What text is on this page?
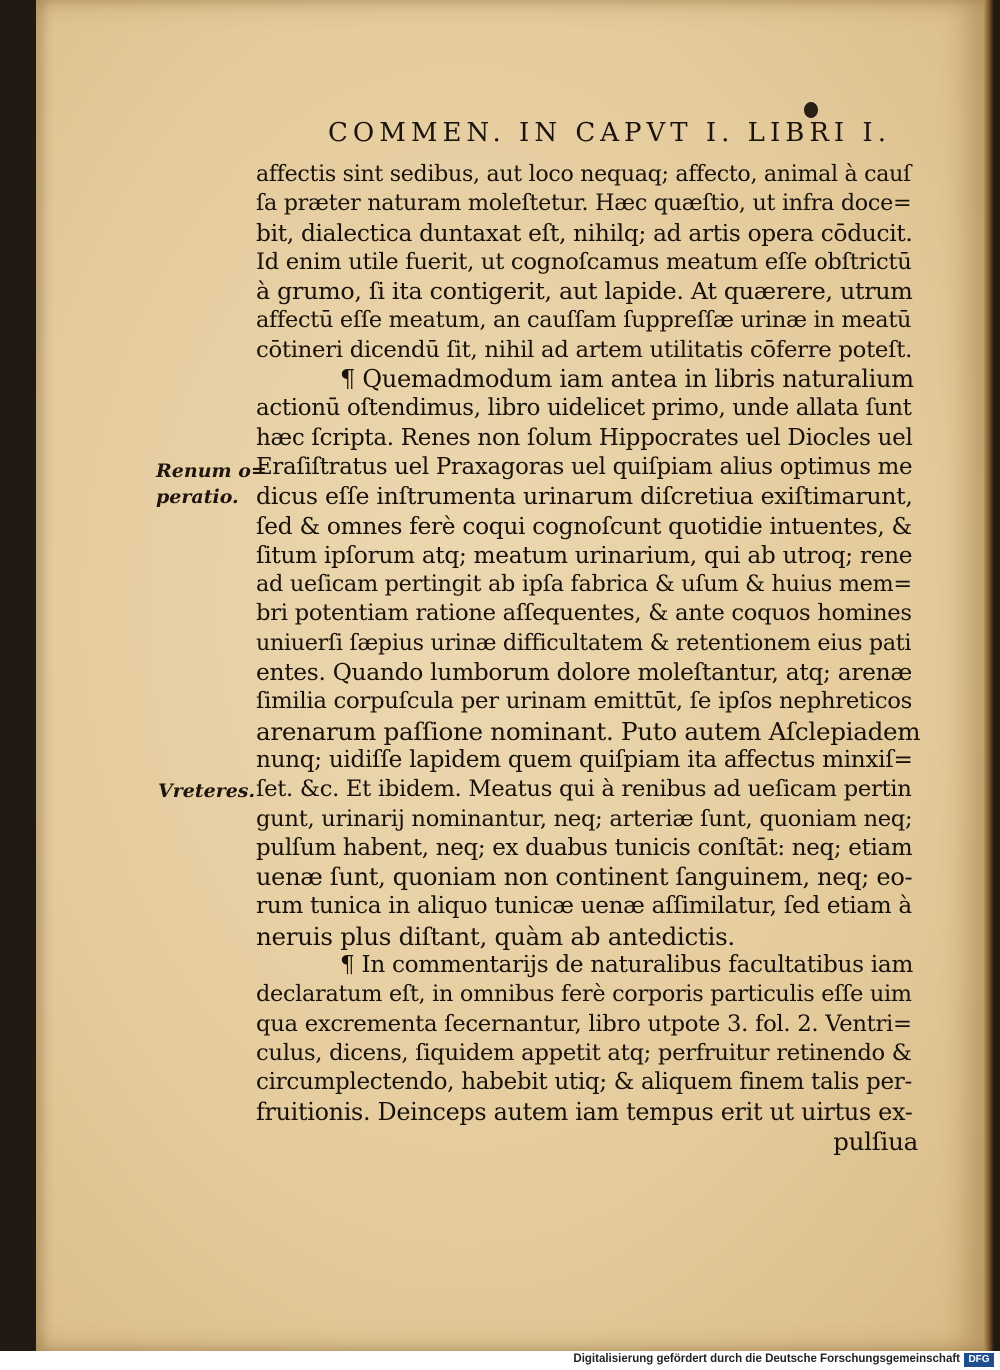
COMMEN. IN CAPVT I. LIBRI I.
affectis sint sedibus, aut loco nequaq; affecto, animal à cauſ
ſa præter naturam moleſtetur. Hæc quæſtio, ut infra doce=
bit, dialectica duntaxat eſt, nihilq; ad artis opera cōducit.
Id enim utile fuerit, ut cognoſcamus meatum eſſe obſtrictū
à grumo, ſi ita contigerit, aut lapide. At quærere, utrum
affectū eſſe meatum, an cauſſam ſuppreſſæ urinæ in meatū
cōtineri dicendū ſit, nihil ad artem utilitatis cōferre poteſt.
¶ Quemadmodum iam antea in libris naturalium
actionū oſtendimus, libro uidelicet primo, unde allata ſunt
hæc ſcripta. Renes non ſolum Hippocrates uel Diocles uel
Eraſiſtratus uel Praxagoras uel quiſpiam alius optimus me
dicus eſſe inſtrumenta urinarum diſcretiua exiſtimarunt,
ſed & omnes ferè coqui cognoſcunt quotidie intuentes, &
ſitum ipſorum atq; meatum urinarium, qui ab utroq; rene
ad ueſicam pertingit ab ipſa fabrica & uſum & huius mem=
bri potentiam ratione aſſequentes, & ante coquos homines
uniuerſi ſæpius urinæ difficultatem & retentionem eius pati
entes. Quando lumborum dolore moleſtantur, atq; arenæ
ſimilia corpuſcula per urinam emittūt, ſe ipſos nephreticos
arenarum paſſione nominant. Puto autem Aſclepiadem
nunq; uidiſſe lapidem quem quiſpiam ita affectus minxiſ=
ſet. &c. Et ibidem. Meatus qui à renibus ad ueſicam pertin
gunt, urinarij nominantur, neq; arteriæ ſunt, quoniam neq;
pulſum habent, neq; ex duabus tunicis conſtāt: neq; etiam
uenæ ſunt, quoniam non continent ſanguinem, neq; eo-
rum tunica in aliquo tunicæ uenæ aſſimilatur, ſed etiam à
neruis plus diſtant, quàm ab antedictis.
¶ In commentarijs de naturalibus facultatibus iam
declaratum eſt, in omnibus ferè corporis particulis eſſe uim
qua excrementa ſecernantur, libro utpote 3. fol. 2. Ventri=
culus, dicens, ſiquidem appetit atq; perfruitur retinendo &
circumplectendo, habebit utiq; & aliquem finem talis per-
fruitionis. Deinceps autem iam tempus erit ut uirtus ex-
pulſiua
Renum o=
peratio.
Vreteres.
Digitalisierung gefördert durch die Deutsche Forschungsgemeinschaft DFG
